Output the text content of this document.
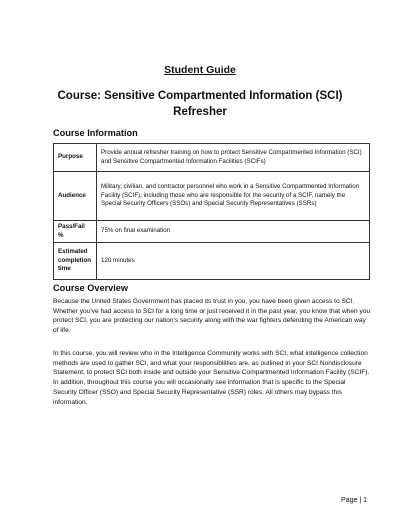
Student Guide
Course: Sensitive Compartmented Information (SCI) Refresher
Course Information
Purpose	Provide annual refresher training on how to protect Sensitive Compartmented Information (SCI) and Sensitive Compartmented Information Facilities (SCIFs)
Audience	Military, civilian, and contractor personnel who work in a Sensitive Compartmented Information Facility (SCIF), including those who are responsible for the security of a SCIF, namely the Special Security Officers (SSOs) and Special Security Representatives (SSRs)
Pass/Fail %	75% on final examination
Estimated completion time	120 minutes
Course Overview
Because the United States Government has placed its trust in you, you have been given access to SCI. Whether you've had access to SCI for a long time or just received it in the past year, you know that when you protect SCI, you are protecting our nation's security along with the war fighters defending the American way of life.
In this course, you will review who in the Intelligence Community works with SCI, what intelligence collection methods are used to gather SCI, and what your responsibilities are, as outlined in your SCI Nondisclosure Statement, to protect SCI both inside and outside your Sensitive Compartmented Information Facility (SCIF). In addition, throughout this course you will occasionally see information that is specific to the Special Security Officer (SSO) and Special Security Representative (SSR) roles. All others may bypass this information.
Page | 1
